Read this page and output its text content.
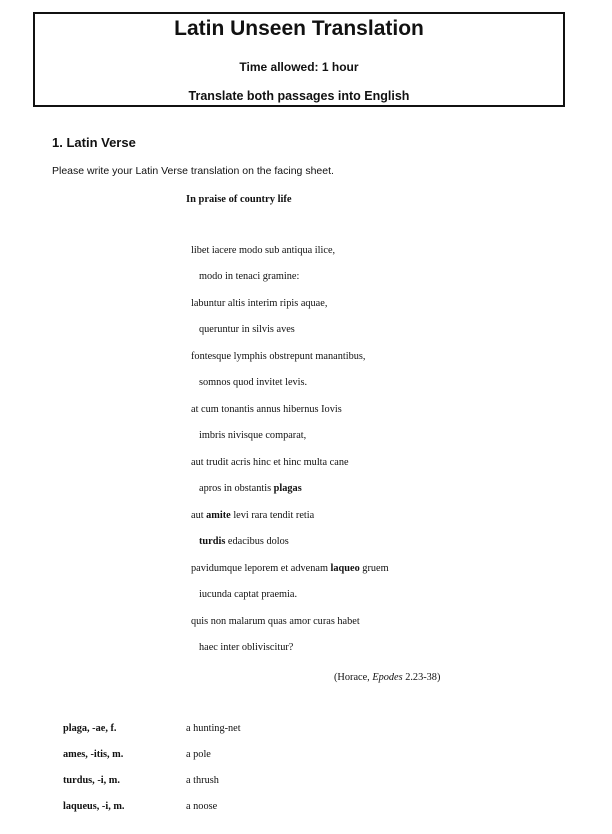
Latin Unseen Translation
Time allowed: 1 hour
Translate both passages into English
1. Latin Verse
Please write your Latin Verse translation on the facing sheet.
In praise of country life
libet iacere modo sub antiqua ilice,
modo in tenaci gramine:
labuntur altis interim ripis aquae,
queruntur in silvis aves
fontesque lymphis obstrepunt manantibus,
somnos quod invitet levis.
at cum tonantis annus hibernus Iovis
imbris nivisque comparat,
aut trudit acris hinc et hinc multa cane
apros in obstantis plagas
aut amite levi rara tendit retia
turdis edacibus dolos
pavidumque leporem et advenam laqueo gruem
iucunda captat praemia.
quis non malarum quas amor curas habet
haec inter obliviscitur?
(Horace, Epodes 2.23-38)
plaga, -ae, f.	a hunting-net
ames, -itis, m.	a pole
turdus, -i, m.	a thrush
laqueus, -i, m.	a noose
